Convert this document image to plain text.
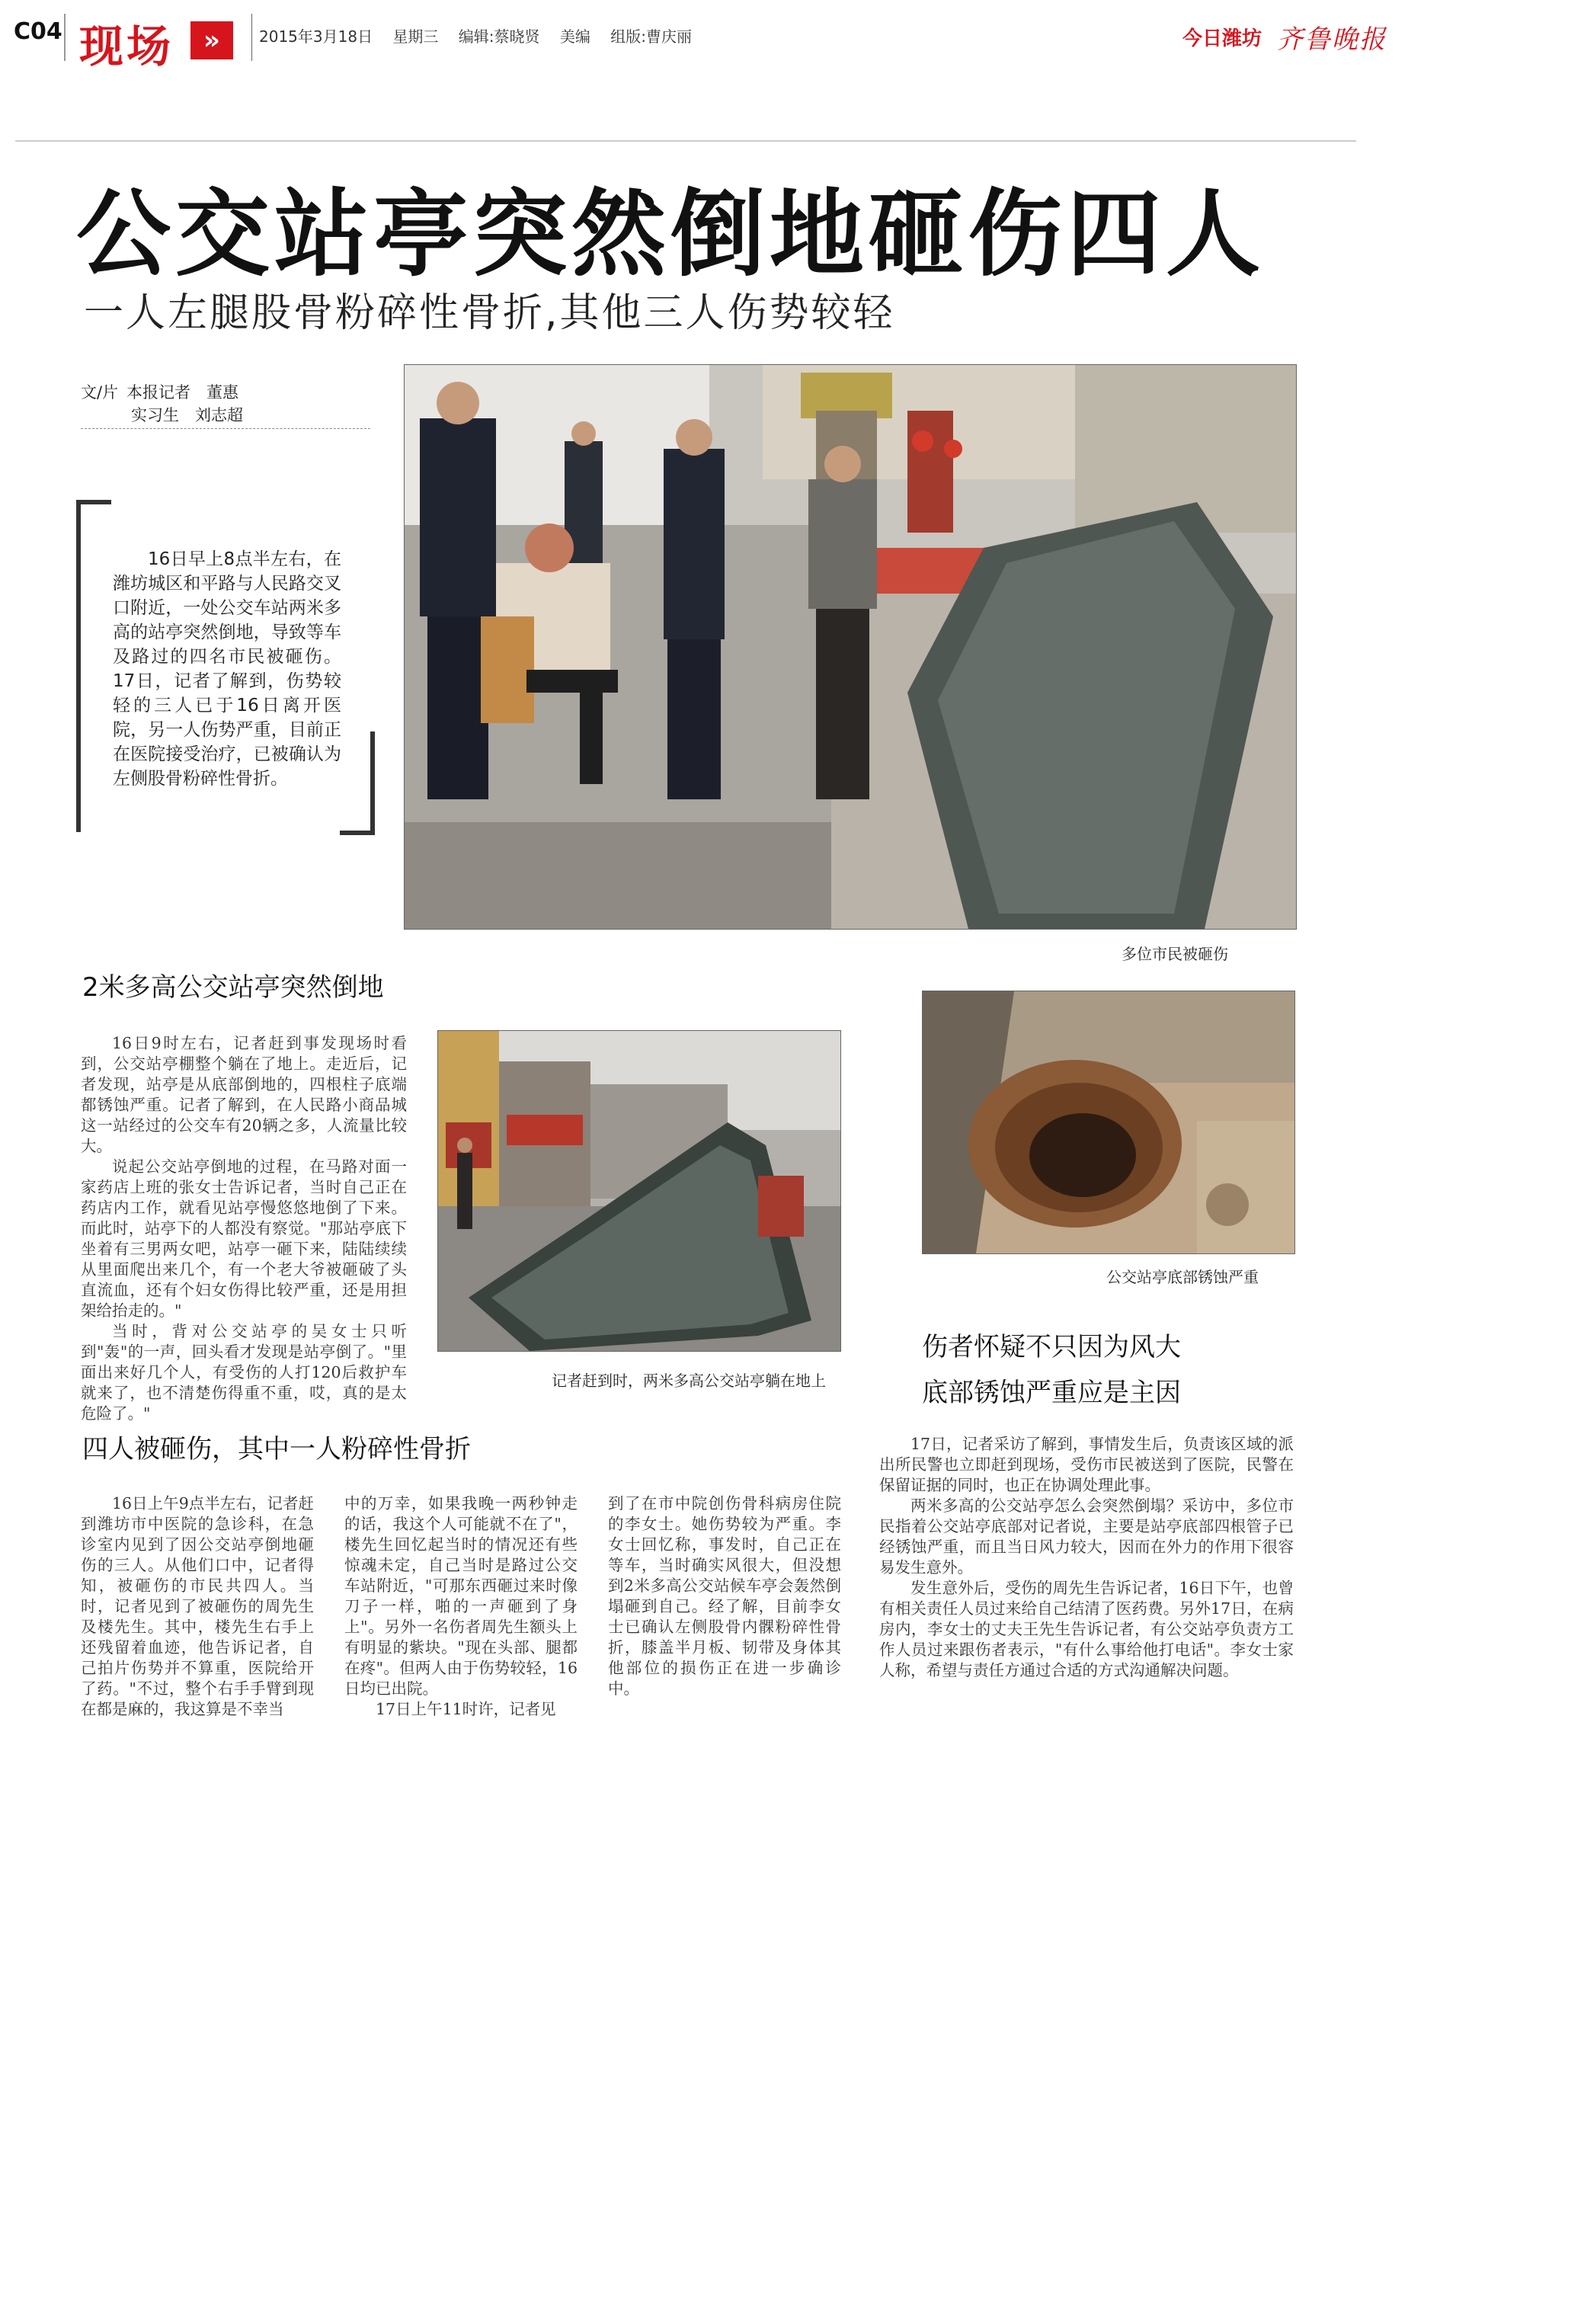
C04 现场	»	2015年3月18日 星期三 编辑:蔡晓贤 美编 组版:曹庆丽	今日潍坊 齐鲁晚报
公交站亭突然倒地砸伤四人
一人左腿股骨粉碎性骨折,其他三人伤势较轻
文/片 本报记者　董惠
实习生　刘志超
16日早上8点半左右，在潍坊城区和平路与人民路交叉口附近，一处公交车站两米多高的站亭突然倒地，导致等车及路过的四名市民被砸伤。17日，记者了解到，伤势较轻的三人已于16日离开医院，另一人伤势严重，目前正在医院接受治疗，已被确认为左侧股骨粉碎性骨折。
多位市民被砸伤
2米多高公交站亭突然倒地

16日9时左右，记者赶到事发现场时看到，公交站亭棚整个躺在了地上。走近后，记者发现，站亭是从底部倒地的，四根柱子底端都锈蚀严重。记者了解到，在人民路小商品城这一站经过的公交车有20辆之多，人流量比较大。

说起公交站亭倒地的过程，在马路对面一家药店上班的张女士告诉记者，当时自己正在药店内工作，就看见站亭慢悠悠地倒了下来。而此时，站亭下的人都没有察觉。"那站亭底下坐着有三男两女吧，站亭一砸下来，陆陆续续从里面爬出来几个，有一个老大爷被砸破了头直流血，还有个妇女伤得比较严重，还是用担架给抬走的。"

当时，背对公交站亭的吴女士只听到"轰"的一声，回头看才发现是站亭倒了。"里面出来好几个人，有受伤的人打120后救护车就来了，也不清楚伤得重不重，哎，真的是太危险了。"

记者赶到时，两米多高公交站亭躺在地上
公交站亭底部锈蚀严重
四人被砸伤，其中一人粉碎性骨折

16日上午9点半左右，记者赶到潍坊市中医院的急诊科，在急诊室内见到了因公交站亭倒地砸伤的三人。从他们口中，记者得知，被砸伤的市民共四人。当时，记者见到了被砸伤的周先生及楼先生。其中，楼先生右手上还残留着血迹，他告诉记者，自己拍片伤势并不算重，医院给开了药。"不过，整个右手手臂到现在都是麻的，我这算是不幸当

中的万幸，如果我晚一两秒钟走的话，我这个人可能就不在了"，楼先生回忆起当时的情况还有些惊魂未定，自己当时是路过公交车站附近，"可那东西砸过来时像刀子一样，啪的一声砸到了身上"。另外一名伤者周先生额头上有明显的紫块。"现在头部、腿都在疼"。但两人由于伤势较轻，16日均已出院。

17日上午11时许，记者见

到了在市中院创伤骨科病房住院的李女士。她伤势较为严重。李女士回忆称，事发时，自己正在等车，当时确实风很大，但没想到2米多高公交站候车亭会轰然倒塌砸到自己。经了解，目前李女士已确认左侧股骨内髁粉碎性骨折，膝盖半月板、韧带及身体其他部位的损伤正在进一步确诊中。

伤者怀疑不只因为风大
底部锈蚀严重应是主因

17日，记者采访了解到，事情发生后，负责该区域的派出所民警也立即赶到现场，受伤市民被送到了医院，民警在保留证据的同时，也正在协调处理此事。

两米多高的公交站亭怎么会突然倒塌？采访中，多位市民指着公交站亭底部对记者说，主要是站亭底部四根管子已经锈蚀严重，而且当日风力较大，因而在外力的作用下很容易发生意外。

发生意外后，受伤的周先生告诉记者，16日下午，也曾有相关责任人员过来给自己结清了医药费。另外17日，在病房内，李女士的丈夫王先生告诉记者，有公交站亭负责方工作人员过来跟伤者表示，"有什么事给他打电话"。李女士家人称，希望与责任方通过合适的方式沟通解决问题。
